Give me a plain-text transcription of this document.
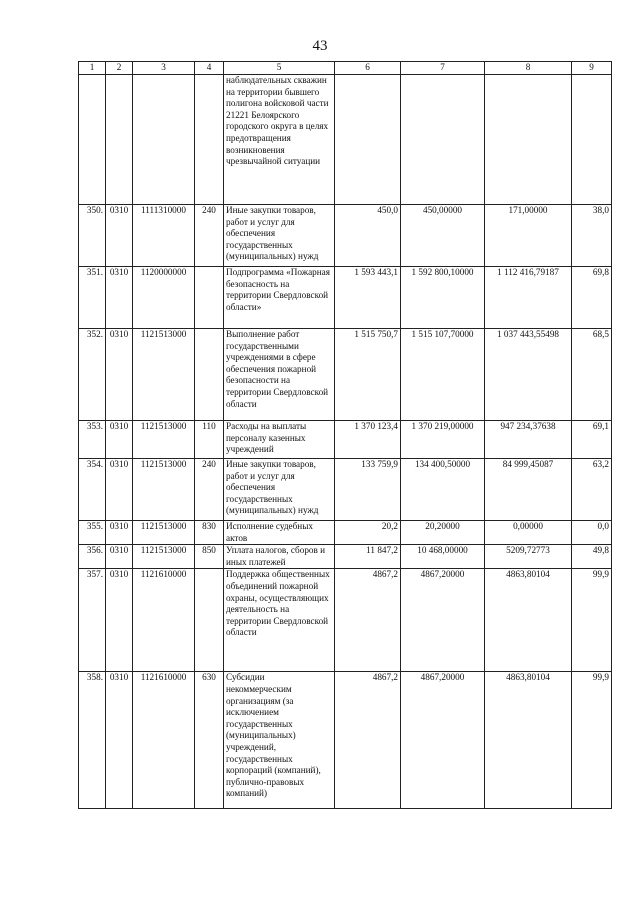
43
1	2	3	4	5	6	7	8	9
				наблюдательных скважин на территории бывшего полигона войсковой части 21221 Белоярского городского округа в целях предотвращения возникновения чрезвычайной ситуации				
350.	0310	1111310000	240	Иные закупки товаров, работ и услуг для обеспечения государственных (муниципальных) нужд	450,0	450,00000	171,00000	38,0
351.	0310	1120000000		Подпрограмма «Пожарная безопасность на территории Свердловской области»	1 593 443,1	1 592 800,10000	1 112 416,79187	69,8
352.	0310	1121513000		Выполнение работ государственными учреждениями в сфере обеспечения пожарной безопасности на территории Свердловской области	1 515 750,7	1 515 107,70000	1 037 443,55498	68,5
353.	0310	1121513000	110	Расходы на выплаты персоналу казенных учреждений	1 370 123,4	1 370 219,00000	947 234,37638	69,1
354.	0310	1121513000	240	Иные закупки товаров, работ и услуг для обеспечения государственных (муниципальных) нужд	133 759,9	134 400,50000	84 999,45087	63,2
355.	0310	1121513000	830	Исполнение судебных актов	20,2	20,20000	0,00000	0,0
356.	0310	1121513000	850	Уплата налогов, сборов и иных платежей	11 847,2	10 468,00000	5209,72773	49,8
357.	0310	1121610000		Поддержка общественных объединений пожарной охраны, осуществляющих деятельность на территории Свердловской области	4867,2	4867,20000	4863,80104	99,9
358.	0310	1121610000	630	Субсидии некоммерческим организациям (за исключением государственных (муниципальных) учреждений, государственных корпораций (компаний), публично-правовых компаний)	4867,2	4867,20000	4863,80104	99,9
